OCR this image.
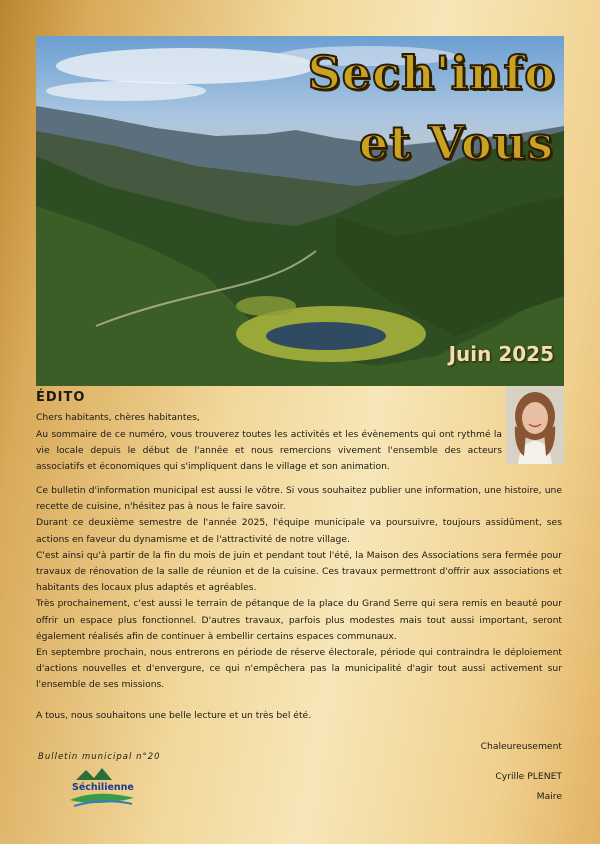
Sech'info
et Vous
Juin 2025
ÉDITO
Chers habitants, chères habitantes,
Au sommaire de ce numéro, vous trouverez toutes les activités et les évènements qui ont rythmé la vie locale depuis le début de l'année et nous remercions vivement l'ensemble des acteurs associatifs et économiques qui s'impliquent dans le village et son animation.

Ce bulletin d'information municipal est aussi le vôtre. Si vous souhaitez publier une information, une histoire, une recette de cuisine, n'hésitez pas à nous le faire savoir.

Durant ce deuxième semestre de l'année 2025, l'équipe municipale va poursuivre, toujours assidûment, ses actions en faveur du dynamisme et de l'attractivité de notre village.

C'est ainsi qu'à partir de la fin du mois de juin et pendant tout l'été, la Maison des Associations sera fermée pour travaux de rénovation de la salle de réunion et de la cuisine. Ces travaux permettront d'offrir aux associations et habitants des locaux plus adaptés et agréables.

Très prochainement, c'est aussi le terrain de pétanque de la place du Grand Serre qui sera remis en beauté pour offrir un espace plus fonctionnel. D'autres travaux, parfois plus modestes mais tout aussi important, seront également réalisés afin de continuer à embellir certains espaces communaux.

En septembre prochain, nous entrerons en période de réserve électorale, période qui contraindra le déploiement d'actions nouvelles et d'envergure, ce qui n'empêchera pas la municipalité d'agir tout aussi activement sur l'ensemble de ses missions.

A tous, nous souhaitons une belle lecture et un très bel été.
Chaleureusement
Cyrille PLENET
Maire
Bulletin municipal n°20
Séchilienne
